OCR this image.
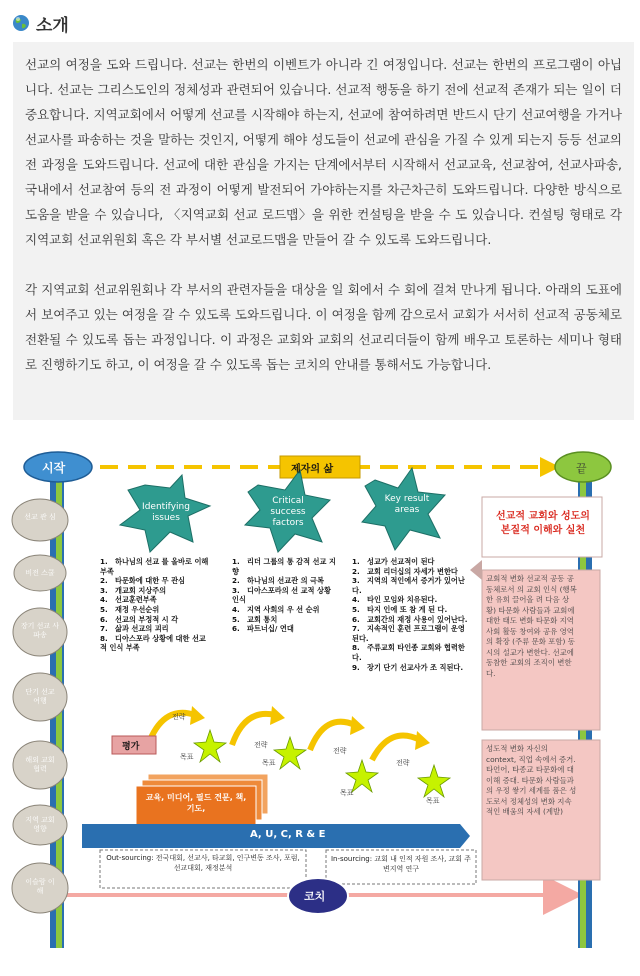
소개

선교의 여정을 도와 드립니다. 선교는 한번의 이벤트가 아니라 긴 여정입니다. 선교는 한번의 프로그램이 아닙니다. 선교는 그리스도인의 정체성과 관련되어 있습니다. 선교적 행동을 하기 전에 선교적 존재가 되는 일이 더 중요합니다. 지역교회에서 어떻게 선교를 시작해야 하는지, 선교에 참여하려면 반드시 단기 선교여행을 가거나 선교사를 파송하는 것을 말하는 것인지, 어떻게 해야 성도들이 선교에 관심을 가질 수 있게 되는지 등등 선교의 전 과정을 도와드립니다. 선교에 대한 관심을 가지는 단계에서부터 시작해서 선교교육, 선교참여, 선교사파송, 국내에서 선교참여 등의 전 과정이 어떻게 발전되어 가야하는지를 차근차근히 도와드립니다. 다양한 방식으로 도움을 받을 수 있습니다, 〈지역교회 선교 로드맵〉을 위한 컨설팅을 받을 수 도 있습니다. 컨설팅 형태로 각 지역교회 선교위원회 혹은 각 부서별 선교로드맵을 만들어 갈 수 있도록 도와드립니다.

각 지역교회 선교위원회나 각 부서의 관련자들을 대상을 일 회에서 수 회에 걸쳐 만나게 됩니다. 아래의 도표에서 보여주고 있는 여정을 갈 수 있도록 도와드립니다. 이 여정을 함께 감으로서 교회가 서서히 선교적 공동체로 전환될 수 있도록 돕는 과정입니다. 이 과정은 교회와 교회의 선교리더들이 함께 배우고 토론하는 세미나 형태로 진행하기도 하고, 이 여정을 갈 수 있도록 돕는 코치의 안내를 통해서도 가능합니다.

시작	끝
제자의 삶
선교 관 심
비전 스쿨
장기 선교 사 파송
단기 선교 여행
해외 교회 협력
지역 교회 영향
이슬람 이해
Identifying issues
Critical success factors
Key result areas
1. 하나님의 선교 를 올바로 이해 부족
2. 타문화에 대한 무 관심
3. 개교회 지상주의
4. 선교훈련부족
5. 재정 우선순위
6. 선교의 부정적 시 각
7. 삶과 선교의 괴리
8. 디아스포라 상황에 대한 선교적 인식 부족
1. 리더 그룹의 통 감적 선교 지향
2. 하나님의 선교관 의 극복
3. 디아스포라의 선 교적 상황 인식
4. 지역 사회의 우 선 순위
5. 교회 통치
6. 파트너십/ 연대
1. 성교가 선교적이 된다
2. 교회 리더십의 자세가 변한다
3. 지역의 적인에서 증거가 있어난다.
4. 타인 모임와 치유된다.
5. 타지 인에 또 참 게 된 다.
6. 교회간의 재정 사용이 있어난다.
7. 지속적인 훈련 프로그램이 운영된다.
8. 주류교회 타인종 교회와 협력한다.
9. 장기 단기 선교사가 조 직된다.
선교적 교회와 성도의 본질적 이해와 실천
교회적 변화 선교적 공동 공동체로서 의 교회 인식 (행복한 유희 끌어올 려 다음 상황) 타문화 사람들과 교회에 대한 태도 변화 타문화 지역 사회 활동 창여와 공유 영역의 확장 (주류 문화 포함) 동시의 설교가 변한다. 선교에 동참한 교회의 조직이 변한다.
성도적 변화 자신의 context, 직업 속에서 증거. 타언어, 타종교 타문화에 대 이해 증대. 타문화 사람들과의 우정 쌓기 세계를 품은 성도로서 정체성의 변화 지속적인 배움의 자세 (계발)
전략
전략
전략
전략
목표
목표
목표
목표
평가
교육, 미디어, 필드 견문, 책, 기도,
A, U, C, R & E
Out-sourcing: 전국대회, 선교사, 타교회, 인구변동 조사, 포럼, 선교대회, 재정분석
In-sourcing: 교회 내 인적 자원 조사, 교회 주변지역 연구
코치
